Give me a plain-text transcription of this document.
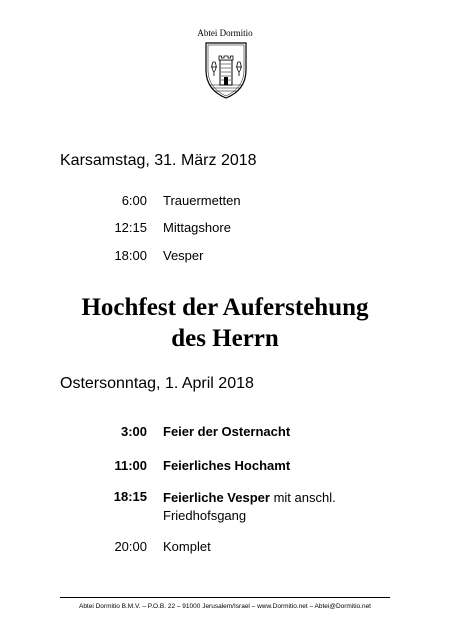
Abtei Dormitio
Karsamstag, 31. März 2018
6:00 Trauermetten
12:15 Mittagshore
18:00 Vesper
Hochfest der Auferstehung
des Herrn
Ostersonntag, 1. April 2018
3:00 Feier der Osternacht
11:00 Feierliches Hochamt
18:15 Feierliche Vesper mit anschl.
Friedhofsgang
20:00 Komplet
Abtei Dormitio B.M.V. – P.O.B. 22 – 91000 Jerusalem/Israel – www.Dormitio.net – Abtei@Dormitio.net
